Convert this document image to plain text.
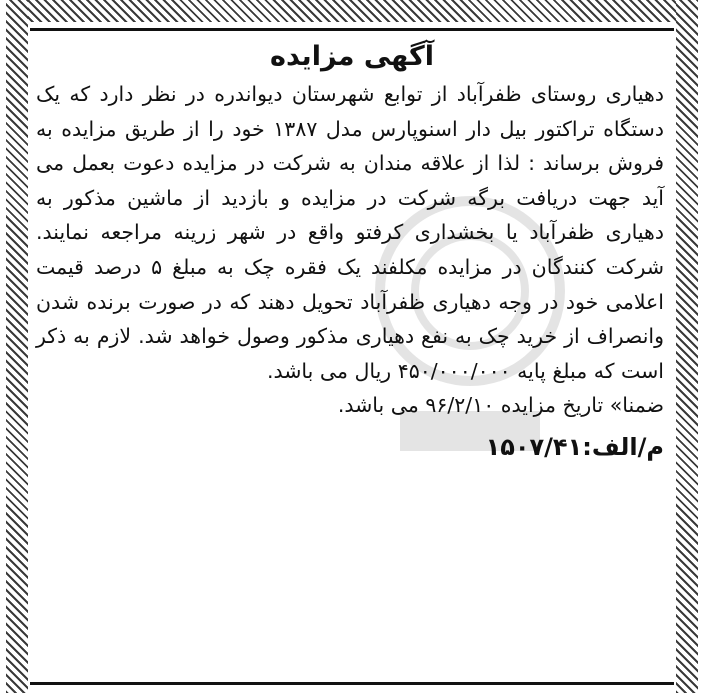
آگهی مزایده
دهیاری روستای ظفرآباد از توابع شهرستان دیواندره در نظر دارد که یک دستگاه تراکتور بیل دار اسنوپارس مدل ۱۳۸۷ خود را از طریق مزایده به فروش برساند : لذا از علاقه مندان به شرکت در مزایده دعوت بعمل می آید جهت دریافت برگه شرکت در مزایده و بازدید از ماشین مذکور به دهیاری ظفرآباد یا بخشداری کرفتو واقع در شهر زرینه مراجعه نمایند. شرکت کنندگان در مزایده مکلفند یک فقره چک به مبلغ ۵ درصد قیمت اعلامی خود در وجه دهیاری ظفرآباد تحویل دهند که در صورت برنده شدن وانصراف از خرید چک به نفع دهیاری مذکور وصول خواهد شد. لازم به ذکر است که مبلغ پایه ۴۵۰/۰۰۰/۰۰۰ ریال می باشد.
ضمنا» تاریخ مزایده ۹۶/۲/۱۰ می باشد.
م/الف:۱۵۰۷/۴۱
